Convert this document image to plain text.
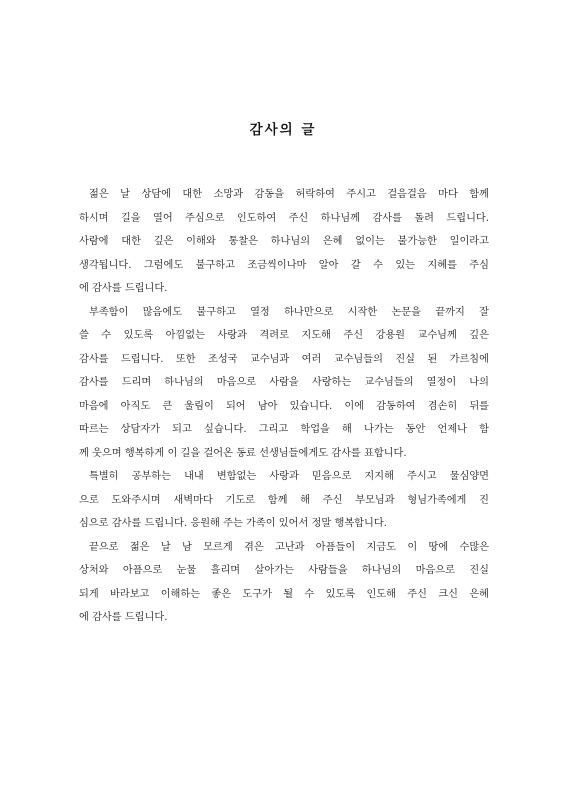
감사의 글

젊은 날 상담에 대한 소망과 감동을 허락하여 주시고 걸음걸음 마다 함께
하시며 길을 열어 주심으로 인도하여 주신 하나님께 감사를 돌려 드립니다.
사람에 대한 깊은 이해와 통찰은 하나님의 은혜 없이는 불가능한 일이라고
생각됩니다. 그럼에도 불구하고 조금씩이나마 알아 갈 수 있는 지혜를 주심
에 감사를 드립니다.

부족함이 많음에도 불구하고 열정 하나만으로 시작한 논문을 끝까지 잘
쓸 수 있도록 아낌없는 사랑과 격려로 지도해 주신 강용원 교수님께 깊은
감사를 드립니다. 또한 조성국 교수님과 여러 교수님들의 진실 된 가르침에
감사를 드리며 하나님의 마음으로 사람을 사랑하는 교수님들의 열정이 나의
마음에 아직도 큰 울림이 되어 남아 있습니다. 이에 감동하여 겸손히 뒤를
따르는 상담자가 되고 싶습니다. 그리고 학업을 해 나가는 동안 언제나 함
께 웃으며 행복하게 이 길을 걸어온 동료 선생님들에게도 감사를 표합니다.

특별히 공부하는 내내 변함없는 사랑과 믿음으로 지지해 주시고 물심양면
으로 도와주시며 새벽마다 기도로 함께 해 주신 부모님과 형님가족에게 진
심으로 감사를 드립니다. 응원해 주는 가족이 있어서 정말 행복합니다.

끝으로 젊은 날 남 모르게 겪은 고난과 아픔들이 지금도 이 땅에 수많은
상처와 아픔으로 눈물 흘리며 살아가는 사람들을 하나님의 마음으로 진실
되게 바라보고 이해하는 좋은 도구가 될 수 있도록 인도해 주신 크신 은혜
에 감사를 드립니다.
